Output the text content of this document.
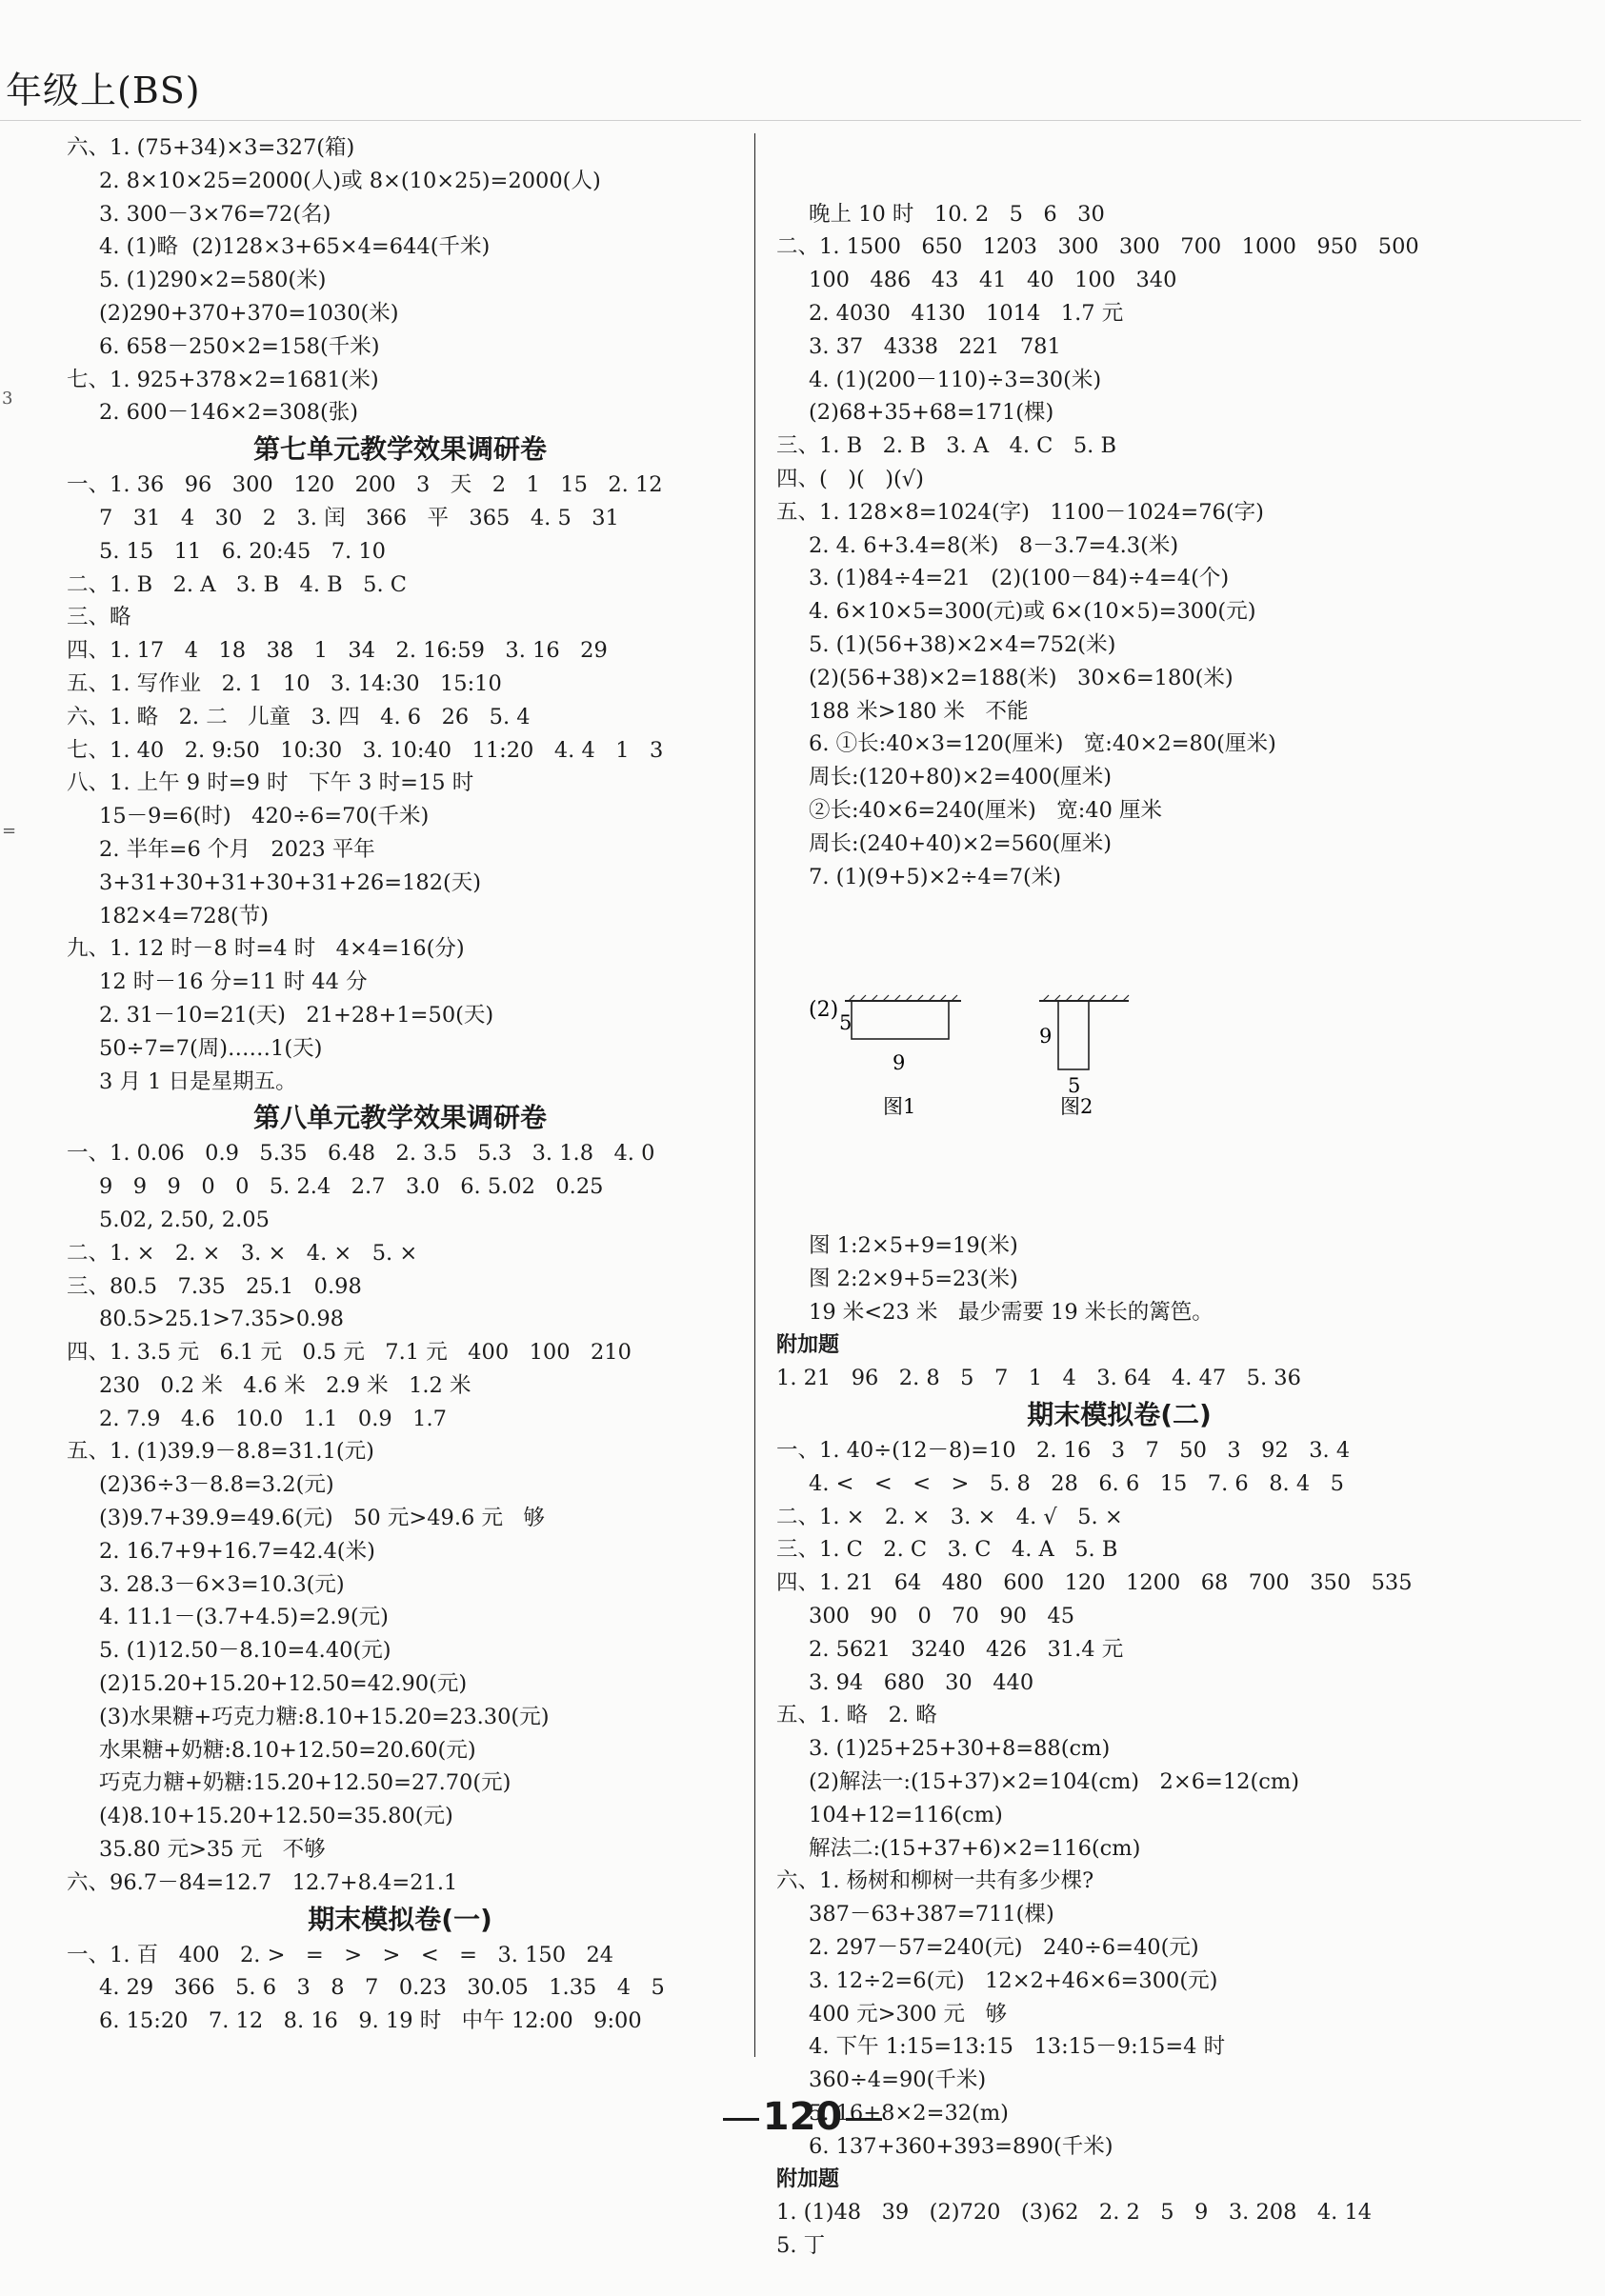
年级上(BS)
六、1. (75+34)×3=327(箱)
2. 8×10×25=2000(人)或 8×(10×25)=2000(人)
3. 300－3×76=72(名)
4. (1)略  (2)128×3+65×4=644(千米)
5. (1)290×2=580(米)
(2)290+370+370=1030(米)
6. 658－250×2=158(千米)
七、1. 925+378×2=1681(米)
2. 600－146×2=308(张)
第七单元教学效果调研卷
一、1. 36   96   300   120   200   3   天   2   1   15   2. 12
7   31   4   30   2   3. 闰   366   平   365   4. 5   31
5. 15   11   6. 20:45   7. 10
二、1. B   2. A   3. B   4. B   5. C
三、略
四、1. 17   4   18   38   1   34   2. 16:59   3. 16   29
五、1. 写作业   2. 1   10   3. 14:30   15:10
六、1. 略   2. 二   儿童   3. 四   4. 6   26   5. 4
七、1. 40   2. 9:50   10:30   3. 10:40   11:20   4. 4   1   3
八、1. 上午 9 时=9 时   下午 3 时=15 时
15－9=6(时)   420÷6=70(千米)
2. 半年=6 个月   2023 平年
3+31+30+31+30+31+26=182(天)
182×4=728(节)
九、1. 12 时－8 时=4 时   4×4=16(分)
12 时－16 分=11 时 44 分
2. 31－10=21(天)   21+28+1=50(天)
50÷7=7(周)……1(天)
3 月 1 日是星期五。
第八单元教学效果调研卷
一、1. 0.06   0.9   5.35   6.48   2. 3.5   5.3   3. 1.8   4. 0
9   9   9   0   0   5. 2.4   2.7   3.0   6. 5.02   0.25
5.02, 2.50, 2.05
二、1. ×   2. ×   3. ×   4. ×   5. ×
三、80.5   7.35   25.1   0.98
80.5>25.1>7.35>0.98
四、1. 3.5 元   6.1 元   0.5 元   7.1 元   400   100   210
230   0.2 米   4.6 米   2.9 米   1.2 米
2. 7.9   4.6   10.0   1.1   0.9   1.7
五、1. (1)39.9－8.8=31.1(元)
(2)36÷3－8.8=3.2(元)
(3)9.7+39.9=49.6(元)   50 元>49.6 元   够
2. 16.7+9+16.7=42.4(米)
3. 28.3－6×3=10.3(元)
4. 11.1－(3.7+4.5)=2.9(元)
5. (1)12.50－8.10=4.40(元)
(2)15.20+15.20+12.50=42.90(元)
(3)水果糖+巧克力糖:8.10+15.20=23.30(元)
水果糖+奶糖:8.10+12.50=20.60(元)
巧克力糖+奶糖:15.20+12.50=27.70(元)
(4)8.10+15.20+12.50=35.80(元)
35.80 元>35 元   不够
六、96.7－84=12.7   12.7+8.4=21.1
期末模拟卷(一)
一、1. 百   400   2. >   =   >   >   <   =   3. 150   24
4. 29   366   5. 6   3   8   7   0.23   30.05   1.35   4   5
6. 15:20   7. 12   8. 16   9. 19 时   中午 12:00   9:00

晚上 10 时   10. 2   5   6   30
二、1. 1500   650   1203   300   300   700   1000   950   500
100   486   43   41   40   100   340
2. 4030   4130   1014   1.7 元
3. 37   4338   221   781
4. (1)(200－110)÷3=30(米)
(2)68+35+68=171(棵)
三、1. B   2. B   3. A   4. C   5. B
四、(   )(   )(√)
五、1. 128×8=1024(字)   1100－1024=76(字)
2. 4. 6+3.4=8(米)   8－3.7=4.3(米)
3. (1)84÷4=21   (2)(100－84)÷4=4(个)
4. 6×10×5=300(元)或 6×(10×5)=300(元)
5. (1)(56+38)×2×4=752(米)
(2)(56+38)×2=188(米)   30×6=180(米)
188 米>180 米   不能
6. ①长:40×3=120(厘米)   宽:40×2=80(厘米)
周长:(120+80)×2=400(厘米)
②长:40×6=240(厘米)   宽:40 厘米
周长:(240+40)×2=560(厘米)
7. (1)(9+5)×2÷4=7(米)

(2)
5
9
图1
9
5
图2

图 1:2×5+9=19(米)
图 2:2×9+5=23(米)
19 米<23 米   最少需要 19 米长的篱笆。
附加题
1. 21   96   2. 8   5   7   1   4   3. 64   4. 47   5. 36
期末模拟卷(二)
一、1. 40÷(12－8)=10   2. 16   3   7   50   3   92   3. 4
4. <   <   <   >   5. 8   28   6. 6   15   7. 6   8. 4   5
二、1. ×   2. ×   3. ×   4. √   5. ×
三、1. C   2. C   3. C   4. A   5. B
四、1. 21   64   480   600   120   1200   68   700   350   535
300   90   0   70   90   45
2. 5621   3240   426   31.4 元
3. 94   680   30   440
五、1. 略   2. 略
3. (1)25+25+30+8=88(cm)
(2)解法一:(15+37)×2=104(cm)   2×6=12(cm)
104+12=116(cm)
解法二:(15+37+6)×2=116(cm)
六、1. 杨树和柳树一共有多少棵?
387－63+387=711(棵)
2. 297－57=240(元)   240÷6=40(元)
3. 12÷2=6(元)   12×2+46×6=300(元)
400 元>300 元   够
4. 下午 1:15=13:15   13:15－9:15=4 时
360÷4=90(千米)
5. 16+8×2=32(m)
6. 137+360+393=890(千米)
附加题
1. (1)48   39   (2)720   (3)62   2. 2   5   9   3. 208   4. 14
5. 丁

3
=
120
